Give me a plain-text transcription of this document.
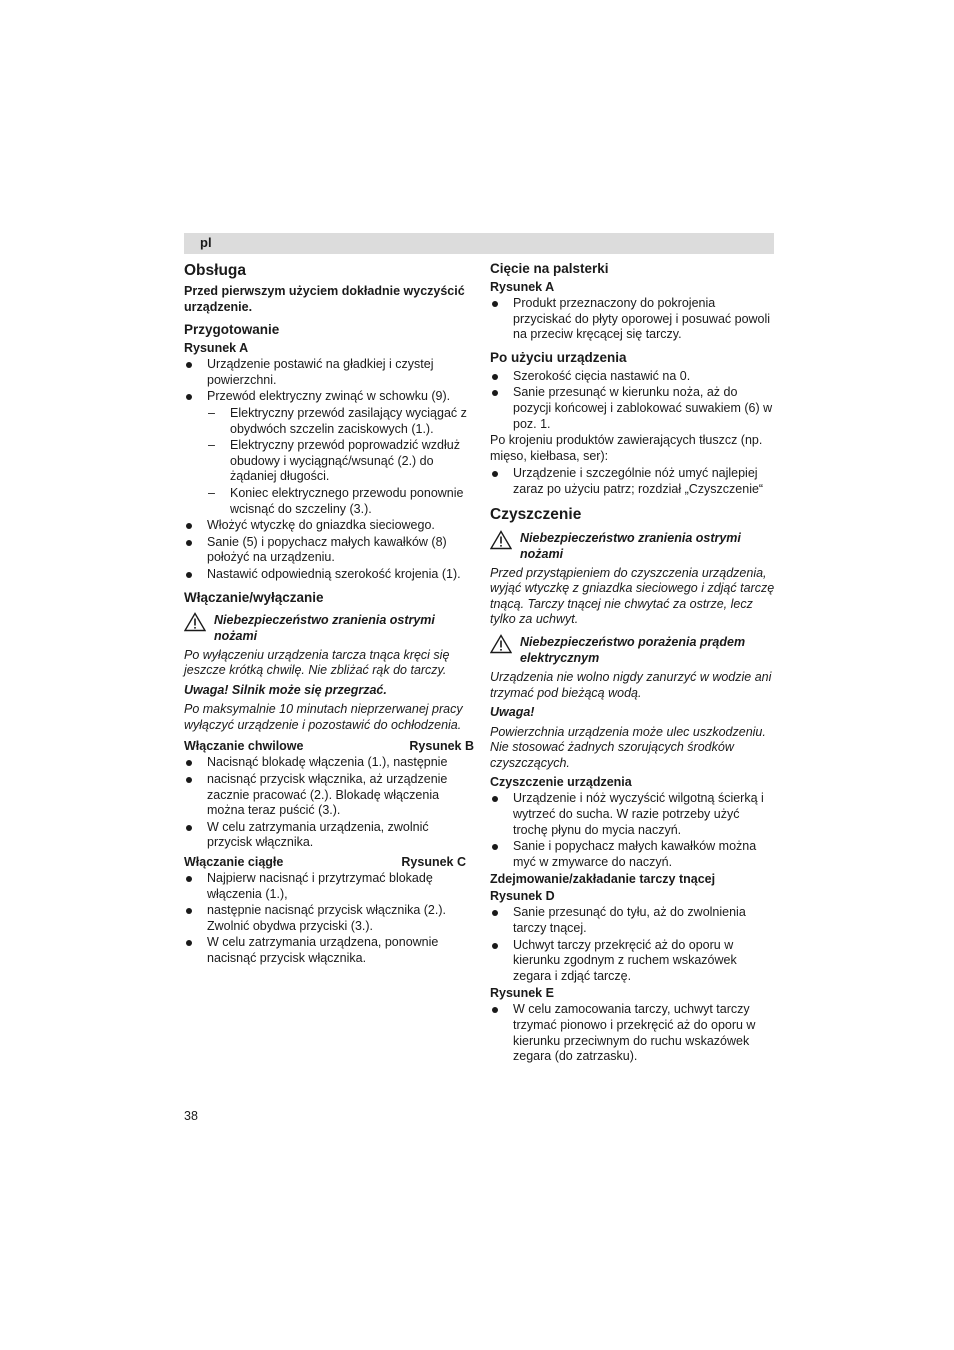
pl
Obsługa

Przed pierwszym użyciem dokładnie wyczyścić urządzenie.

Przygotowanie
Rysunek A
Urządzenie postawić na gładkiej i czystej powierzchni.
Przewód elektryczny zwinąć w schowku (9).
– Elektryczny przewód zasilający wyciągać z obydwóch szczelin zaciskowych (1.).
– Elektryczny przewód poprowadzić wzdłuż obudowy i wyciągnąć/wsunąć (2.) do żądaniej długości.
– Koniec elektrycznego przewodu ponownie wcisnąć do szczeliny (3.).
Włożyć wtyczkę do gniazdka sieciowego.
Sanie (5) i popychacz małych kawałków (8) położyć na urządzeniu.
Nastawić odpowiednią szerokość krojenia (1).
Włączanie/wyłączanie
Niebezpieczeństwo zranienia ostrymi nożami

Po wyłączeniu urządzenia tarcza tnąca kręci się jeszcze krótką chwilę. Nie zbliżać rąk do tarczy.

Uwaga! Silnik może się przegrzać.

Po maksymalnie 10 minutach nieprzerwanej pracy wyłączyć urządzenie i pozostawić do ochłodzenia.

Włączanie chwilowe	Rysunek B
Nacisnąć blokadę włączenia (1.), następnie
nacisnąć przycisk włącznika, aż urządzenie zacznie pracować (2.). Blokadę włączenia można teraz puścić (3.).
W celu zatrzymania urządzenia, zwolnić przycisk włącznika.
Włączanie ciągłe	Rysunek C
Najpierw nacisnąć i przytrzymać blokadę włączenia (1.),
następnie nacisnąć przycisk włącznika (2.). Zwolnić obydwa przyciski (3.).
W celu zatrzymania urządzena, ponownie nacisnąć przycisk włącznika.
Cięcie na palsterki
Rysunek A
Produkt przeznaczony do pokrojenia przyciskać do płyty oporowej i posuwać powoli na przeciw kręcącej się tarczy.
Po użyciu urządzenia
Szerokość cięcia nastawić na 0.
Sanie przesunąć w kierunku noża, aż do pozycji końcowej i zablokować suwakiem (6) w poz. 1.

Po krojeniu produktów zawierających tłuszcz (np. mięso, kiełbasa, ser):

Urządzenie i szczególnie nóż umyć najlepiej zaraz po użyciu patrz; rozdział „Czyszczenie“
Czyszczenie
Niebezpieczeństwo zranienia ostrymi nożami

Przed przystąpieniem do czyszczenia urządzenia, wyjąć wtyczkę z gniazdka sieciowego i zdjąć tarczę tnącą. Tarczy tnącej nie chwytać za ostrze, lecz tylko za uchwyt.

Niebezpieczeństwo porażenia prądem elektrycznym

Urządzenia nie wolno nigdy zanurzyć w wodzie ani trzymać pod bieżącą wodą.

Uwaga!

Powierzchnia urządzenia może ulec uszkodzeniu. Nie stosować żadnych szorujących środków czyszczących.

Czyszczenie urządzenia
Urządzenie i nóż wyczyścić wilgotną ścierką i wytrzeć do sucha. W razie potrzeby użyć trochę płynu do mycia naczyń.
Sanie i popychacz małych kawałków można myć w zmywarce do naczyń.
Zdejmowanie/zakładanie tarczy tnącej
Rysunek D
Sanie przesunąć do tyłu, aż do zwolnienia tarczy tnącej.
Uchwyt tarczy przekręcić aż do oporu w kierunku zgodnym z ruchem wskazówek zegara i zdjąć tarczę.
Rysunek E
W celu zamocowania tarczy, uchwyt tarczy trzymać pionowo i przekręcić aż do oporu w kierunku przeciwnym do ruchu wskazówek zegara (do zatrzasku).
38
